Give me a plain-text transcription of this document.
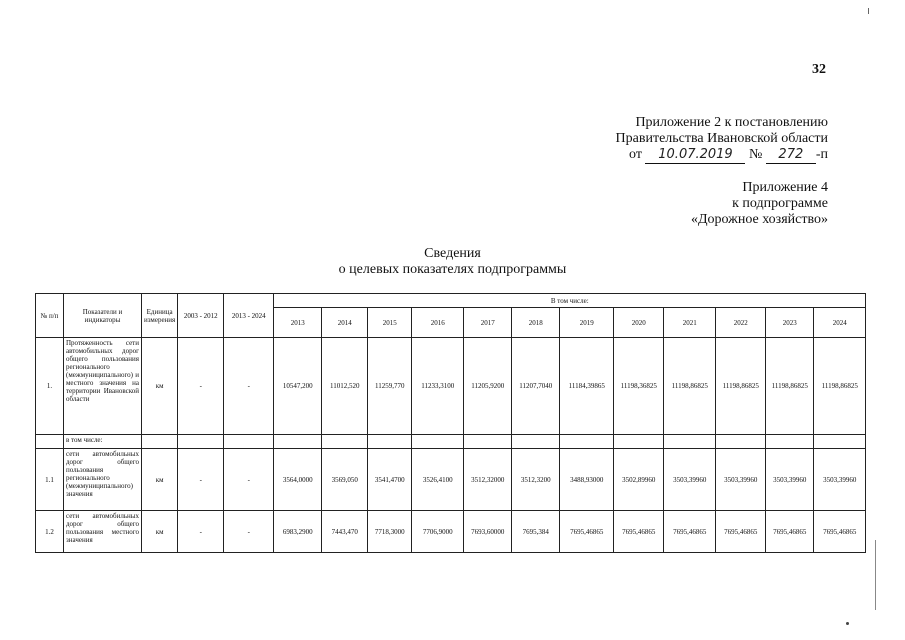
32
Приложение 2 к постановлению
Правительства Ивановской области
от 10.07.2019 № 272 -п
Приложение 4
к подпрограмме
«Дорожное хозяйство»
Сведения
о целевых показателях подпрограммы
№ п/п	Показатели и индикаторы	Единица измерения	2003 - 2012	2013 - 2024	В том числе:											
					2013	2014	2015	2016	2017	2018	2019	2020	2021	2022	2023	2024
1.	Протяженность сети автомобильных дорог общего пользования регионального (межмуниципального) и местного значения на территории Ивановской области	км	-	-	10547,200	11012,520	11259,770	11233,3100	11205,9200	11207,7040	11184,39865	11198,36825	11198,86825	11198,86825	11198,86825	11198,86825
	в том числе:															
1.1	сети автомобильных дорог общего пользования регионального (межмуниципального) значения	км	-	-	3564,0000	3569,050	3541,4700	3526,4100	3512,32000	3512,3200	3488,93000	3502,89960	3503,39960	3503,39960	3503,39960	3503,39960
1.2	сети автомобильных дорог общего пользования местного значения	км	-	-	6983,2900	7443,470	7718,3000	7706,9000	7693,60000	7695,384	7695,46865	7695,46865	7695,46865	7695,46865	7695,46865	7695,46865
